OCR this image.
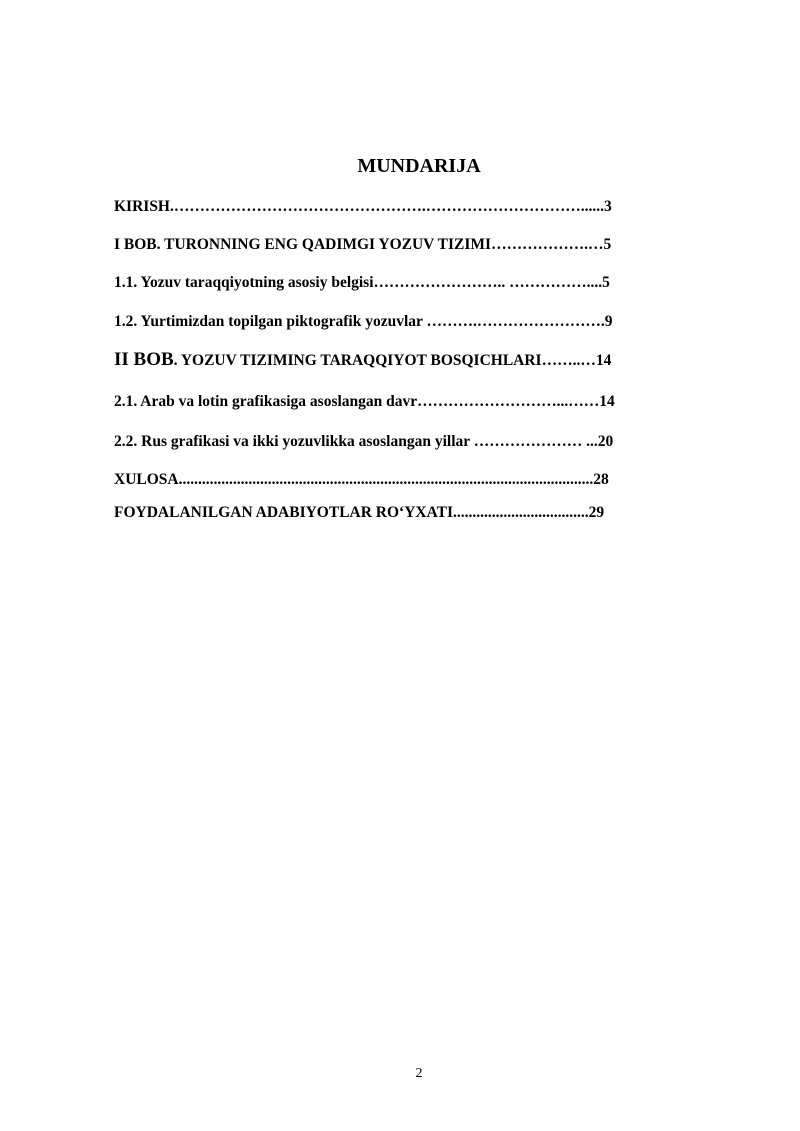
MUNDARIJA
KIRISH.………………………………………….…………………………......3
I BOB. TURONNING ENG QADIMGI YOZUV TIZIMI……………….…5
1.1. Yozuv taraqqiyotning asosiy belgisi…………………….. ……………....5
1.2. Yurtimizdan topilgan piktografik yozuvlar ……….…………………….9
II BOB. YOZUV TIZIMING TARAQQIYOT BOSQICHLARI……..…14
2.1. Arab va lotin grafikasiga asoslangan davr………………………...……14
2.2. Rus grafikasi va ikki yozuvlikka asoslangan yillar ………………… ...20
XULOSA...........................................................................................................28
FOYDALANILGAN ADABIYOTLAR RO‘YXATI...................................29
2
